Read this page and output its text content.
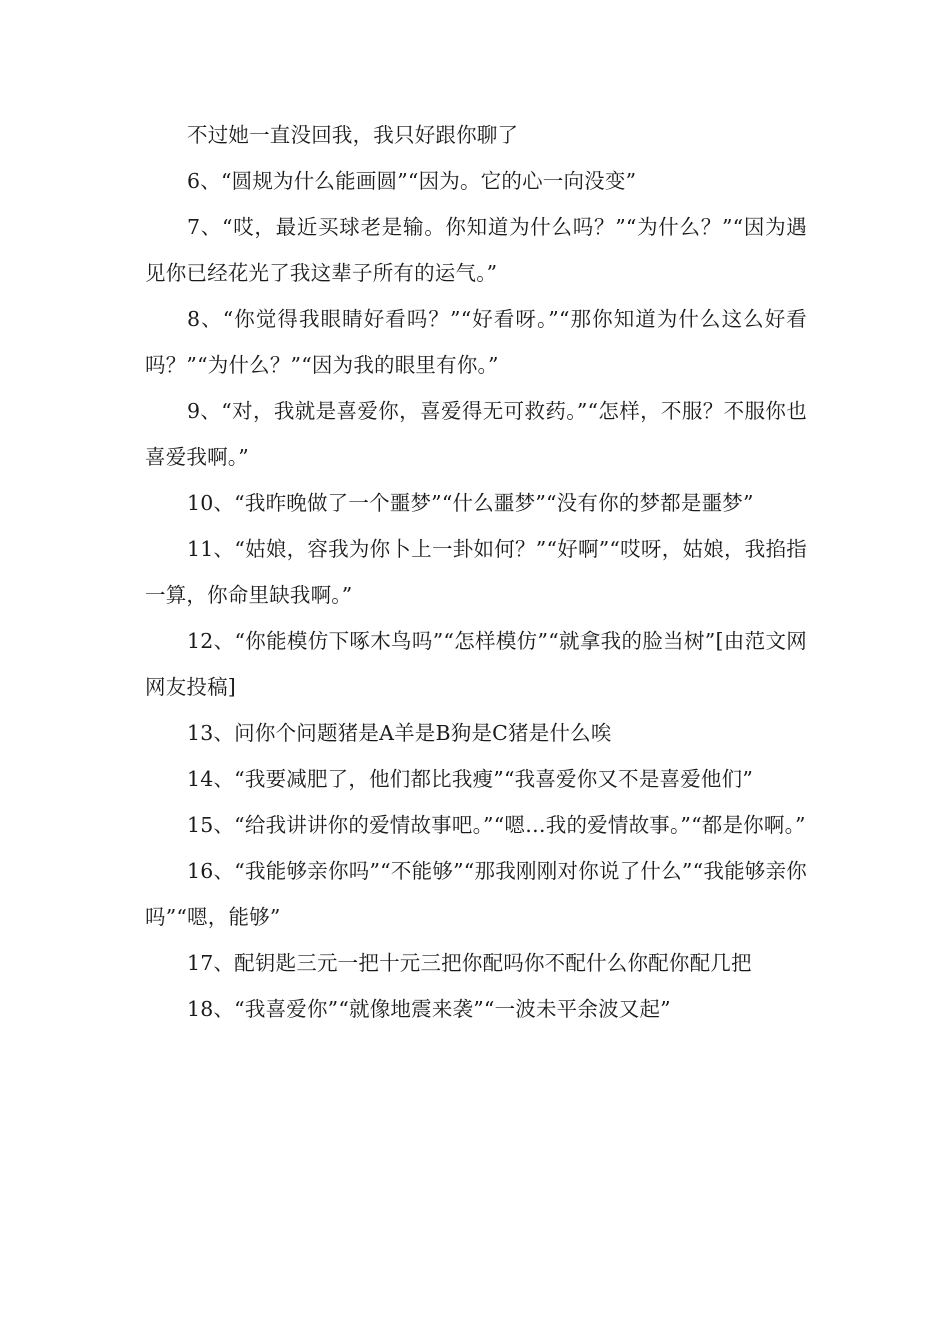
不过她一直没回我，我只好跟你聊了

6、“圆规为什么能画圆”“因为。它的心一向没变”

7、“哎，最近买球老是输。你知道为什么吗？”“为什么？”“因为遇见你已经花光了我这辈子所有的运气。”

8、“你觉得我眼睛好看吗？”“好看呀。”“那你知道为什么这么好看吗？”“为什么？”“因为我的眼里有你。”

9、“对，我就是喜爱你，喜爱得无可救药。”“怎样，不服？不服你也喜爱我啊。”

10、“我昨晚做了一个噩梦”“什么噩梦”“没有你的梦都是噩梦”

11、“姑娘，容我为你卜上一卦如何？”“好啊”“哎呀，姑娘，我掐指一算，你命里缺我啊。”

12、“你能模仿下啄木鸟吗”“怎样模仿”“就拿我的脸当树”[由范文网网友投稿]

13、问你个问题猪是A羊是B狗是C猪是什么唉

14、“我要减肥了，他们都比我瘦”“我喜爱你又不是喜爱他们”

15、“给我讲讲你的爱情故事吧。”“嗯…我的爱情故事。”“都是你啊。”

16、“我能够亲你吗”“不能够”“那我刚刚对你说了什么”“我能够亲你吗”“嗯，能够”

17、配钥匙三元一把十元三把你配吗你不配什么你配你配几把

18、“我喜爱你”“就像地震来袭”“一波未平余波又起”
